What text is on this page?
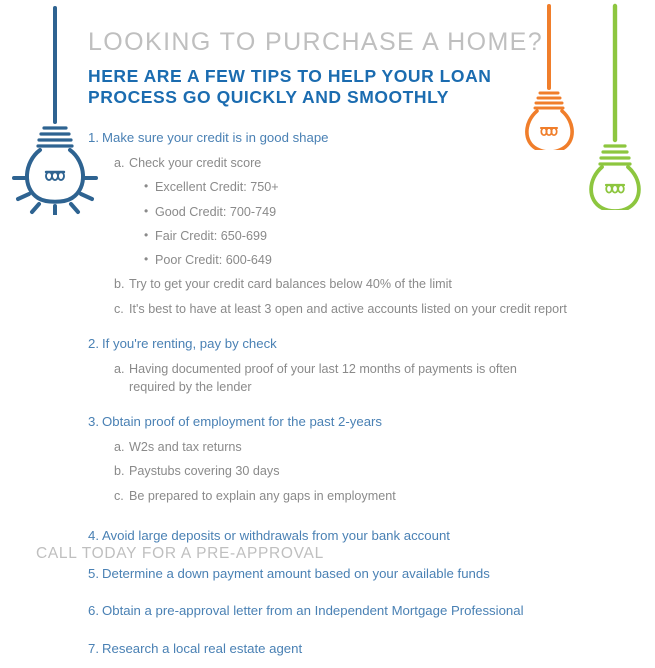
LOOKING TO PURCHASE A HOME?
HERE ARE A FEW TIPS TO HELP YOUR LOAN
PROCESS GO QUICKLY AND SMOOTHLY
1. Make sure your credit is in good shape
a. Check your credit score
• Excellent Credit: 750+
• Good Credit: 700-749
• Fair Credit: 650-699
• Poor Credit: 600-649
b. Try to get your credit card balances below 40% of the limit
c. It's best to have at least 3 open and active accounts listed on your credit report
2. If you're renting, pay by check
a. Having documented proof of your last 12 months of payments is often required by the lender
3. Obtain proof of employment for the past 2-years
a. W2s and tax returns
b. Paystubs covering 30 days
c. Be prepared to explain any gaps in employment
4. Avoid large deposits or withdrawals from your bank account
5. Determine a down payment amount based on your available funds
6. Obtain a pre-approval letter from an Independent Mortgage Professional
7. Research a local real estate agent
CALL TODAY FOR A PRE-APPROVAL
